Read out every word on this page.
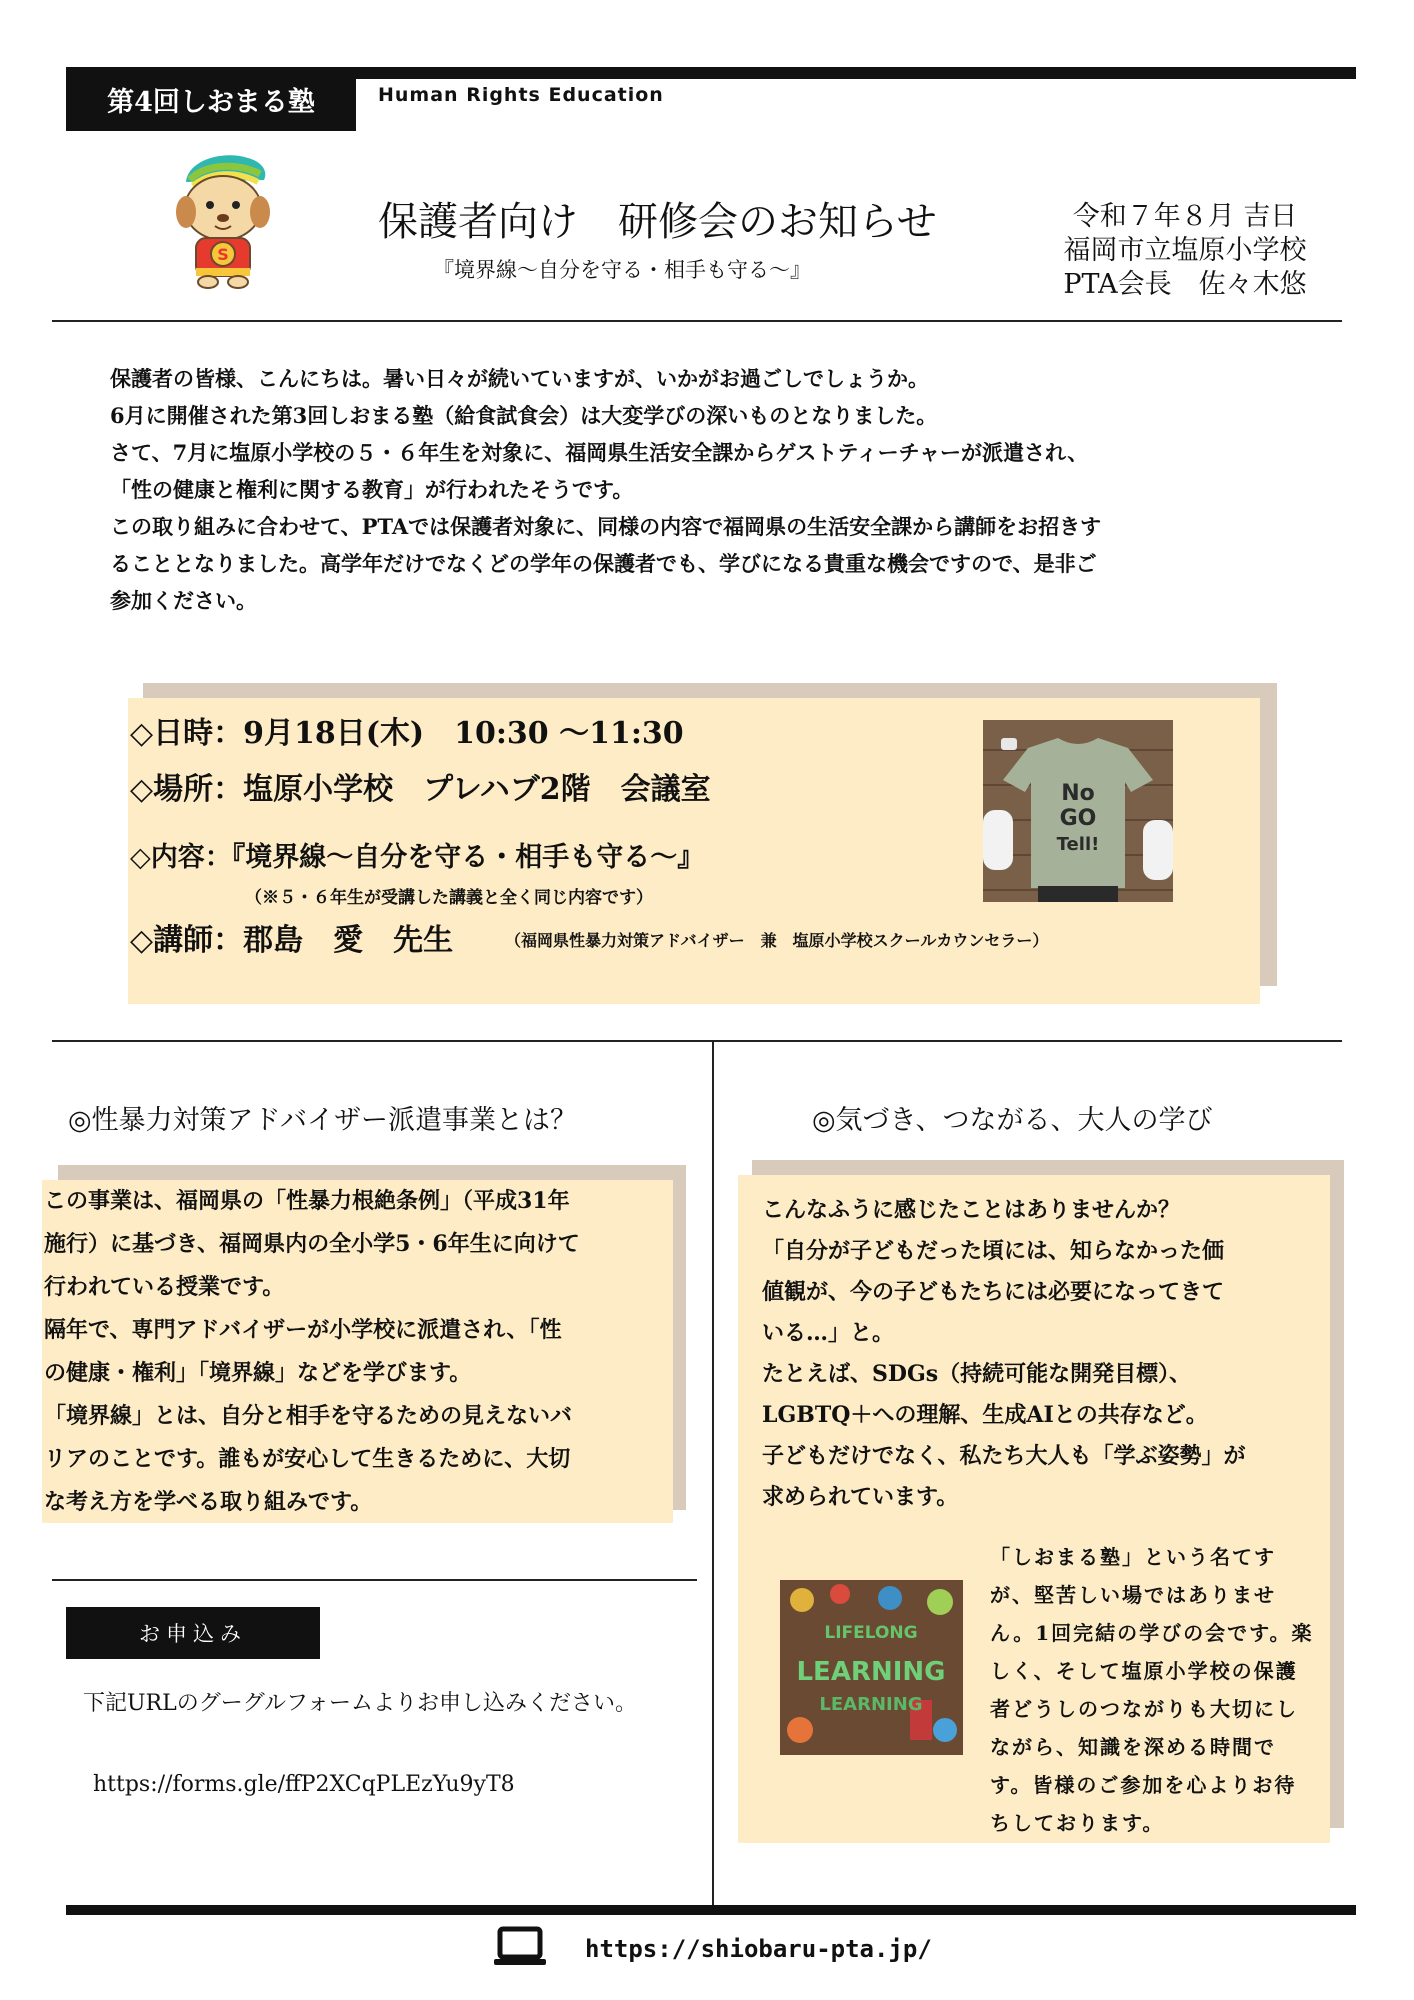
第4回しおまる塾	Human Rights Education
S
保護者向け　研修会のお知らせ
『境界線～自分を守る・相手も守る～』
令和７年８月 吉日
福岡市立塩原小学校
PTA会長　佐々木悠

保護者の皆様、こんにちは。暑い日々が続いていますが、いかがお過ごしでしょうか。

6月に開催された第3回しおまる塾（給食試食会）は大変学びの深いものとなりました。

さて、7月に塩原小学校の５・６年生を対象に、福岡県生活安全課からゲストティーチャーが派遣され、

「性の健康と権利に関する教育」が行われたそうです。

この取り組みに合わせて、PTAでは保護者対象に、同様の内容で福岡県の生活安全課から講師をお招きす

ることとなりました。高学年だけでなくどの学年の保護者でも、学びになる貴重な機会ですので、是非ご

参加ください。

◇日時：9月18日(木)　10:30 ～11:30
◇場所：塩原小学校　プレハブ2階　会議室
◇内容：『境界線～自分を守る・相手も守る～』
（※５・６年生が受講した講義と全く同じ内容です）
◇講師：郡島　愛　先生	（福岡県性暴力対策アドバイザー　兼　塩原小学校スクールカウンセラー）
No
GO
Tell!
◎性暴力対策アドバイザー派遣事業とは？

この事業は、福岡県の「性暴力根絶条例」（平成31年

施行）に基づき、福岡県内の全小学5・6年生に向けて

行われている授業です。

隔年で、専門アドバイザーが小学校に派遣され、「性

の健康・権利」「境界線」などを学びます。

「境界線」とは、自分と相手を守るための見えないバ

リアのことです。誰もが安心して生きるために、大切

な考え方を学べる取り組みです。

お申込み
下記URLのグーグルフォームよりお申し込みください。
https://forms.gle/ffP2XCqPLEzYu9yT8
◎気づき、つながる、大人の学び

こんなふうに感じたことはありませんか？

「自分が子どもだった頃には、知らなかった価

値観が、今の子どもたちには必要になってきて

いる…」と。

たとえば、SDGs（持続可能な開発目標）、

LGBTQ＋への理解、生成AIとの共存など。

子どもだけでなく、私たち大人も「学ぶ姿勢」が

求められています。

LIFELONG
LEARNING
LEARNING
「しおまる塾」という名てす
が、堅苦しい場ではありませ
ん。1回完結の学びの会です。楽
しく、そして塩原小学校の保護
者どうしのつながりも大切にし
ながら、知識を深める時間で
す。皆様のご参加を心よりお待
ちしております。
https://shiobaru-pta.jp/
